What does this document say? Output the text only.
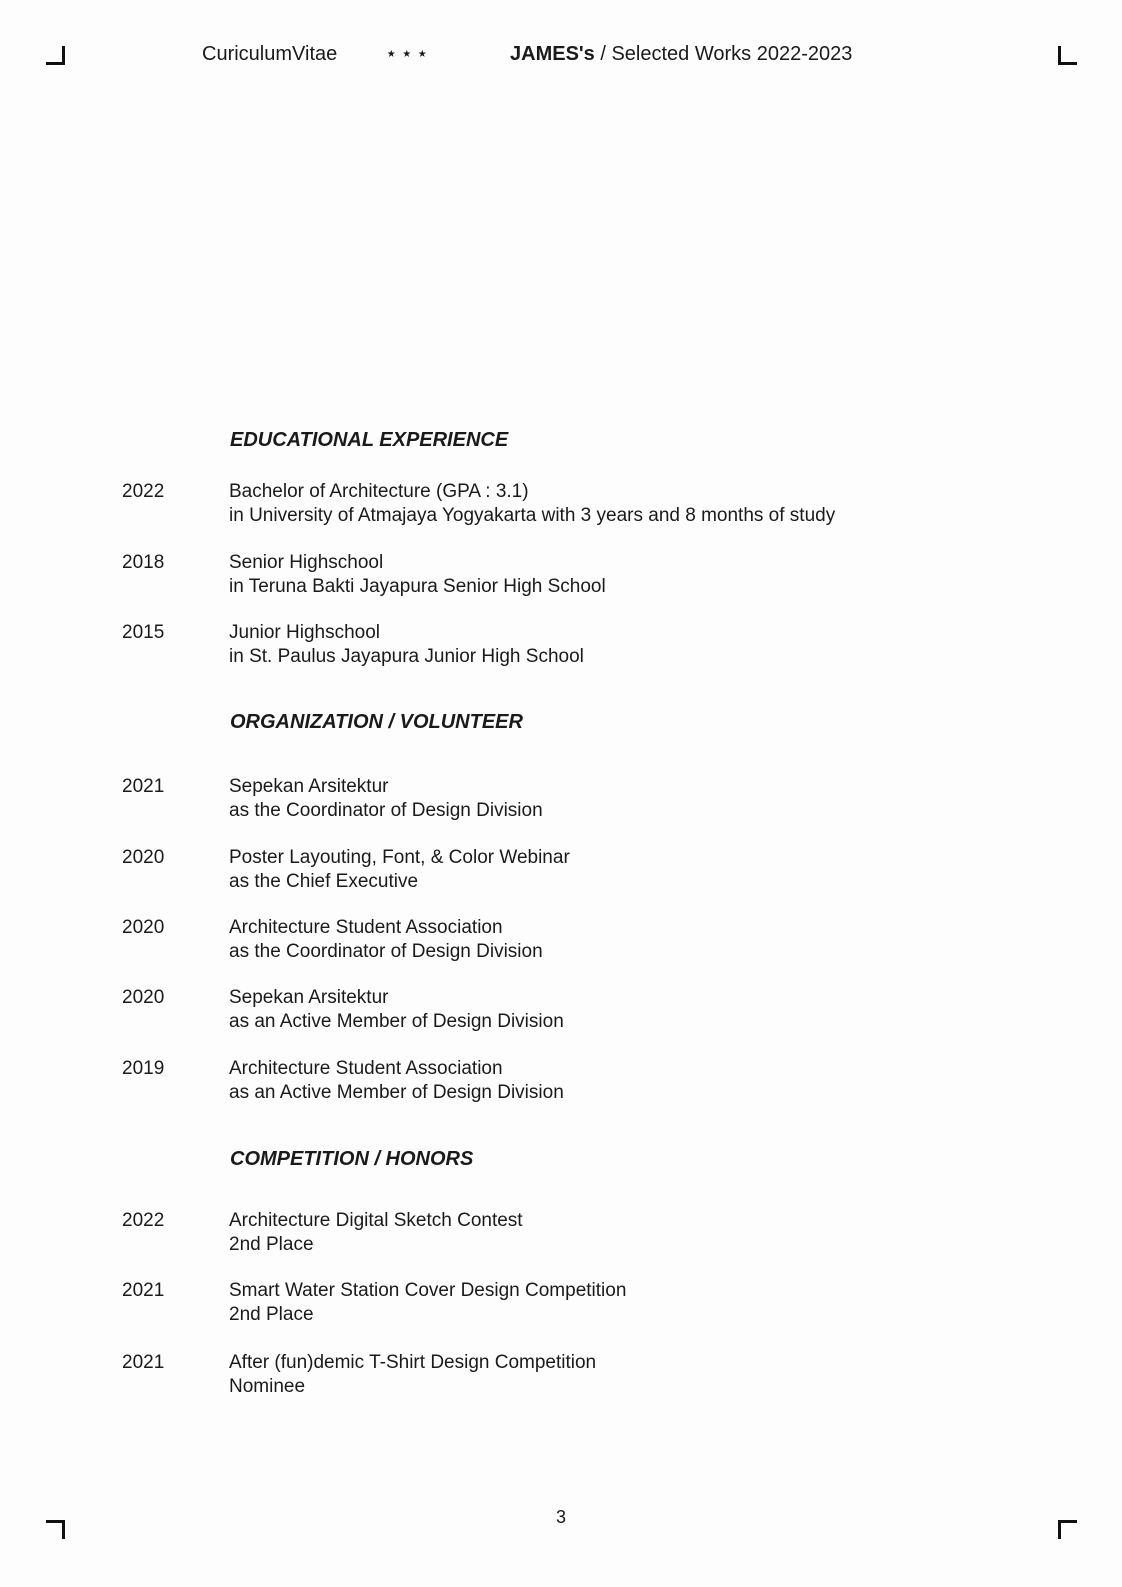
CuriculumVitae ⋆⋆⋆	JAMES's / Selected Works 2022-2023
EDUCATIONAL EXPERIENCE
2022	Bachelor of Architecture (GPA : 3.1)
in University of Atmajaya Yogyakarta with 3 years and 8 months of study
2018	Senior Highschool
in Teruna Bakti Jayapura Senior High School
2015	Junior Highschool
in St. Paulus Jayapura Junior High School
ORGANIZATION / VOLUNTEER
2021	Sepekan Arsitektur
as the Coordinator of Design Division
2020	Poster Layouting, Font, & Color Webinar
as the Chief Executive
2020	Architecture Student Association
as the Coordinator of Design Division
2020	Sepekan Arsitektur
as an Active Member of Design Division
2019	Architecture Student Association
as an Active Member of Design Division
COMPETITION / HONORS
2022	Architecture Digital Sketch Contest
2nd Place
2021	Smart Water Station Cover Design Competition
2nd Place
2021	After (fun)demic T-Shirt Design Competition
Nominee
3
